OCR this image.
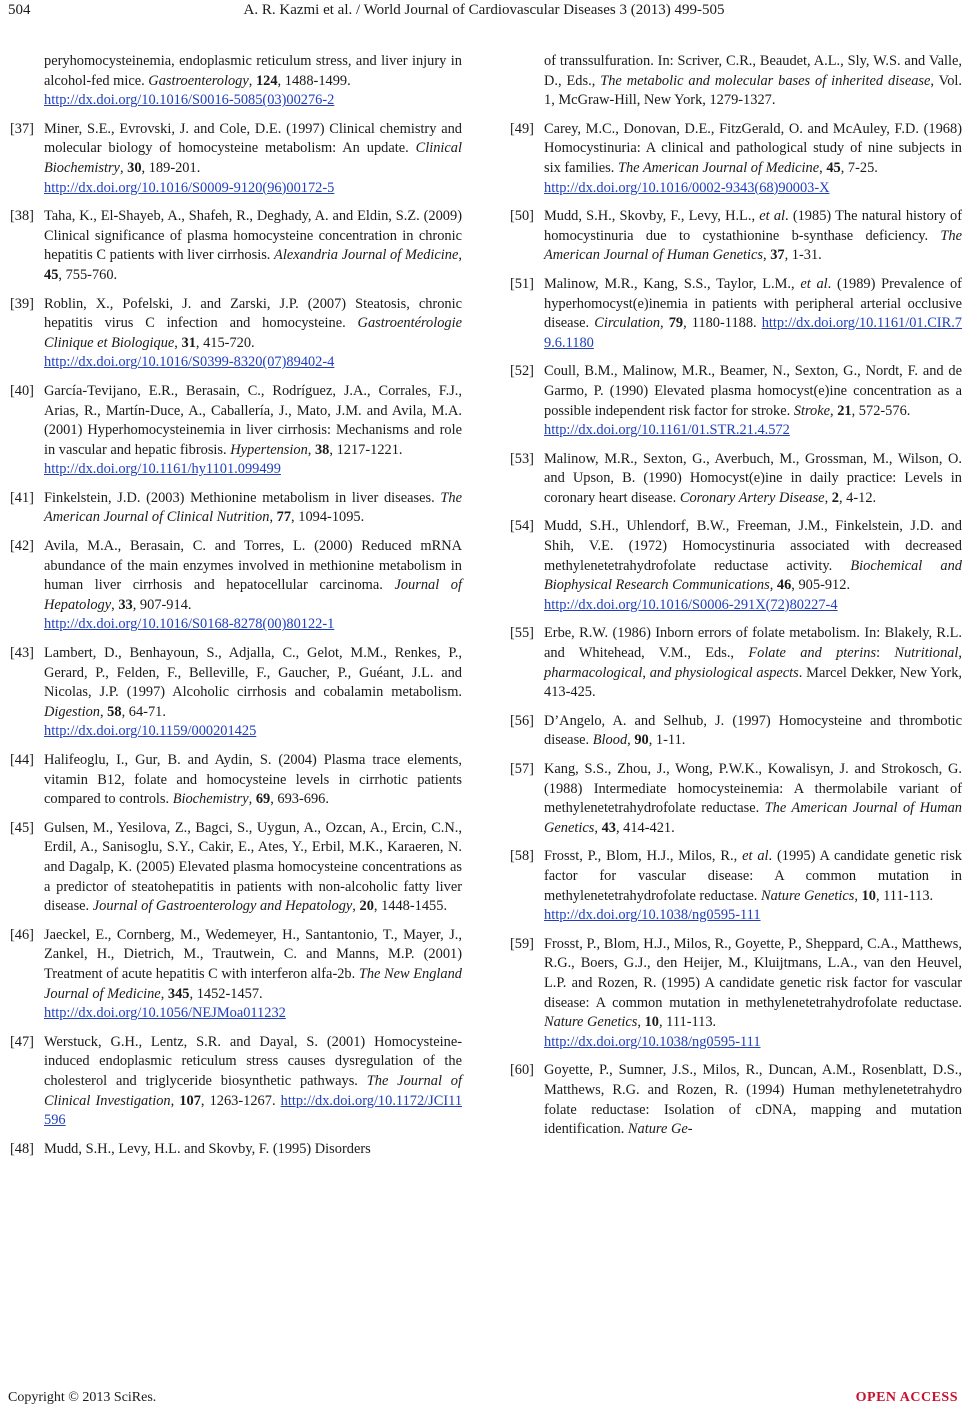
504	A. R. Kazmi et al. / World Journal of Cardiovascular Diseases 3 (2013) 499-505
peryhomocysteinemia, endoplasmic reticulum stress, and liver injury in alcohol-fed mice. Gastroenterology, 124, 1488-1499.
http://dx.doi.org/10.1016/S0016-5085(03)00276-2
[37] Miner, S.E., Evrovski, J. and Cole, D.E. (1997) Clinical chemistry and molecular biology of homocysteine metabolism: An update. Clinical Biochemistry, 30, 189-201.
http://dx.doi.org/10.1016/S0009-9120(96)00172-5
[38] Taha, K., El-Shayeb, A., Shafeh, R., Deghady, A. and Eldin, S.Z. (2009) Clinical significance of plasma homocysteine concentration in chronic hepatitis C patients with liver cirrhosis. Alexandria Journal of Medicine, 45, 755-760.
[39] Roblin, X., Pofelski, J. and Zarski, J.P. (2007) Steatosis, chronic hepatitis virus C infection and homocysteine. Gastroentérologie Clinique et Biologique, 31, 415-720.
http://dx.doi.org/10.1016/S0399-8320(07)89402-4
[40] García-Tevijano, E.R., Berasain, C., Rodríguez, J.A., Corrales, F.J., Arias, R., Martín-Duce, A., Caballería, J., Mato, J.M. and Avila, M.A. (2001) Hyperhomocysteinemia in liver cirrhosis: Mechanisms and role in vascular and hepatic fibrosis. Hypertension, 38, 1217-1221.
http://dx.doi.org/10.1161/hy1101.099499
[41] Finkelstein, J.D. (2003) Methionine metabolism in liver diseases. The American Journal of Clinical Nutrition, 77, 1094-1095.
[42] Avila, M.A., Berasain, C. and Torres, L. (2000) Reduced mRNA abundance of the main enzymes involved in methionine metabolism in human liver cirrhosis and hepatocellular carcinoma. Journal of Hepatology, 33, 907-914.
http://dx.doi.org/10.1016/S0168-8278(00)80122-1
[43] Lambert, D., Benhayoun, S., Adjalla, C., Gelot, M.M., Renkes, P., Gerard, P., Felden, F., Belleville, F., Gaucher, P., Guéant, J.L. and Nicolas, J.P. (1997) Alcoholic cirrhosis and cobalamin metabolism. Digestion, 58, 64-71.
http://dx.doi.org/10.1159/000201425
[44] Halifeoglu, I., Gur, B. and Aydin, S. (2004) Plasma trace elements, vitamin B12, folate and homocysteine levels in cirrhotic patients compared to controls. Biochemistry, 69, 693-696.
[45] Gulsen, M., Yesilova, Z., Bagci, S., Uygun, A., Ozcan, A., Ercin, C.N., Erdil, A., Sanisoglu, S.Y., Cakir, E., Ates, Y., Erbil, M.K., Karaeren, N. and Dagalp, K. (2005) Elevated plasma homocysteine concentrations as a predictor of steatohepatitis in patients with non-alcoholic fatty liver disease. Journal of Gastroenterology and Hepatology, 20, 1448-1455.
[46] Jaeckel, E., Cornberg, M., Wedemeyer, H., Santantonio, T., Mayer, J., Zankel, H., Dietrich, M., Trautwein, C. and Manns, M.P. (2001) Treatment of acute hepatitis C with interferon alfa-2b. The New England Journal of Medicine, 345, 1452-1457.
http://dx.doi.org/10.1056/NEJMoa011232
[47] Werstuck, G.H., Lentz, S.R. and Dayal, S. (2001) Homocysteine-induced endoplasmic reticulum stress causes dysregulation of the cholesterol and triglyceride biosynthetic pathways. The Journal of Clinical Investigation, 107, 1263-1267. http://dx.doi.org/10.1172/JCI11596
[48] Mudd, S.H., Levy, H.L. and Skovby, F. (1995) Disorders
of transsulfuration. In: Scriver, C.R., Beaudet, A.L., Sly, W.S. and Valle, D., Eds., The metabolic and molecular bases of inherited disease, Vol. 1, McGraw-Hill, New York, 1279-1327.
[49] Carey, M.C., Donovan, D.E., FitzGerald, O. and McAuley, F.D. (1968) Homocystinuria: A clinical and pathological study of nine subjects in six families. The American Journal of Medicine, 45, 7-25.
http://dx.doi.org/10.1016/0002-9343(68)90003-X
[50] Mudd, S.H., Skovby, F., Levy, H.L., et al. (1985) The natural history of homocystinuria due to cystathionine b-synthase deficiency. The American Journal of Human Genetics, 37, 1-31.
[51] Malinow, M.R., Kang, S.S., Taylor, L.M., et al. (1989) Prevalence of hyperhomocyst(e)inemia in patients with peripheral arterial occlusive disease. Circulation, 79, 1180-1188. http://dx.doi.org/10.1161/01.CIR.79.6.1180
[52] Coull, B.M., Malinow, M.R., Beamer, N., Sexton, G., Nordt, F. and de Garmo, P. (1990) Elevated plasma homocyst(e)ine concentration as a possible independent risk factor for stroke. Stroke, 21, 572-576.
http://dx.doi.org/10.1161/01.STR.21.4.572
[53] Malinow, M.R., Sexton, G., Averbuch, M., Grossman, M., Wilson, O. and Upson, B. (1990) Homocyst(e)ine in daily practice: Levels in coronary heart disease. Coronary Artery Disease, 2, 4-12.
[54] Mudd, S.H., Uhlendorf, B.W., Freeman, J.M., Finkelstein, J.D. and Shih, V.E. (1972) Homocystinuria associated with decreased methylenetetrahydrofolate reductase activity. Biochemical and Biophysical Research Communications, 46, 905-912.
http://dx.doi.org/10.1016/S0006-291X(72)80227-4
[55] Erbe, R.W. (1986) Inborn errors of folate metabolism. In: Blakely, R.L. and Whitehead, V.M., Eds., Folate and pterins: Nutritional, pharmacological, and physiological aspects. Marcel Dekker, New York, 413-425.
[56] D’Angelo, A. and Selhub, J. (1997) Homocysteine and thrombotic disease. Blood, 90, 1-11.
[57] Kang, S.S., Zhou, J., Wong, P.W.K., Kowalisyn, J. and Strokosch, G. (1988) Intermediate homocysteinemia: A thermolabile variant of methylenetetrahydrofolate reductase. The American Journal of Human Genetics, 43, 414-421.
[58] Frosst, P., Blom, H.J., Milos, R., et al. (1995) A candidate genetic risk factor for vascular disease: A common mutation in methylenetetrahydrofolate reductase. Nature Genetics, 10, 111-113.
http://dx.doi.org/10.1038/ng0595-111
[59] Frosst, P., Blom, H.J., Milos, R., Goyette, P., Sheppard, C.A., Matthews, R.G., Boers, G.J., den Heijer, M., Kluijtmans, L.A., van den Heuvel, L.P. and Rozen, R. (1995) A candidate genetic risk factor for vascular disease: A common mutation in methylenetetrahydrofolate reductase. Nature Genetics, 10, 111-113.
http://dx.doi.org/10.1038/ng0595-111
[60] Goyette, P., Sumner, J.S., Milos, R., Duncan, A.M., Rosenblatt, D.S., Matthews, R.G. and Rozen, R. (1994) Human methylenetetrahydro folate reductase: Isolation of cDNA, mapping and mutation identification. Nature Ge-
Copyright © 2013 SciRes.	OPEN ACCESS
